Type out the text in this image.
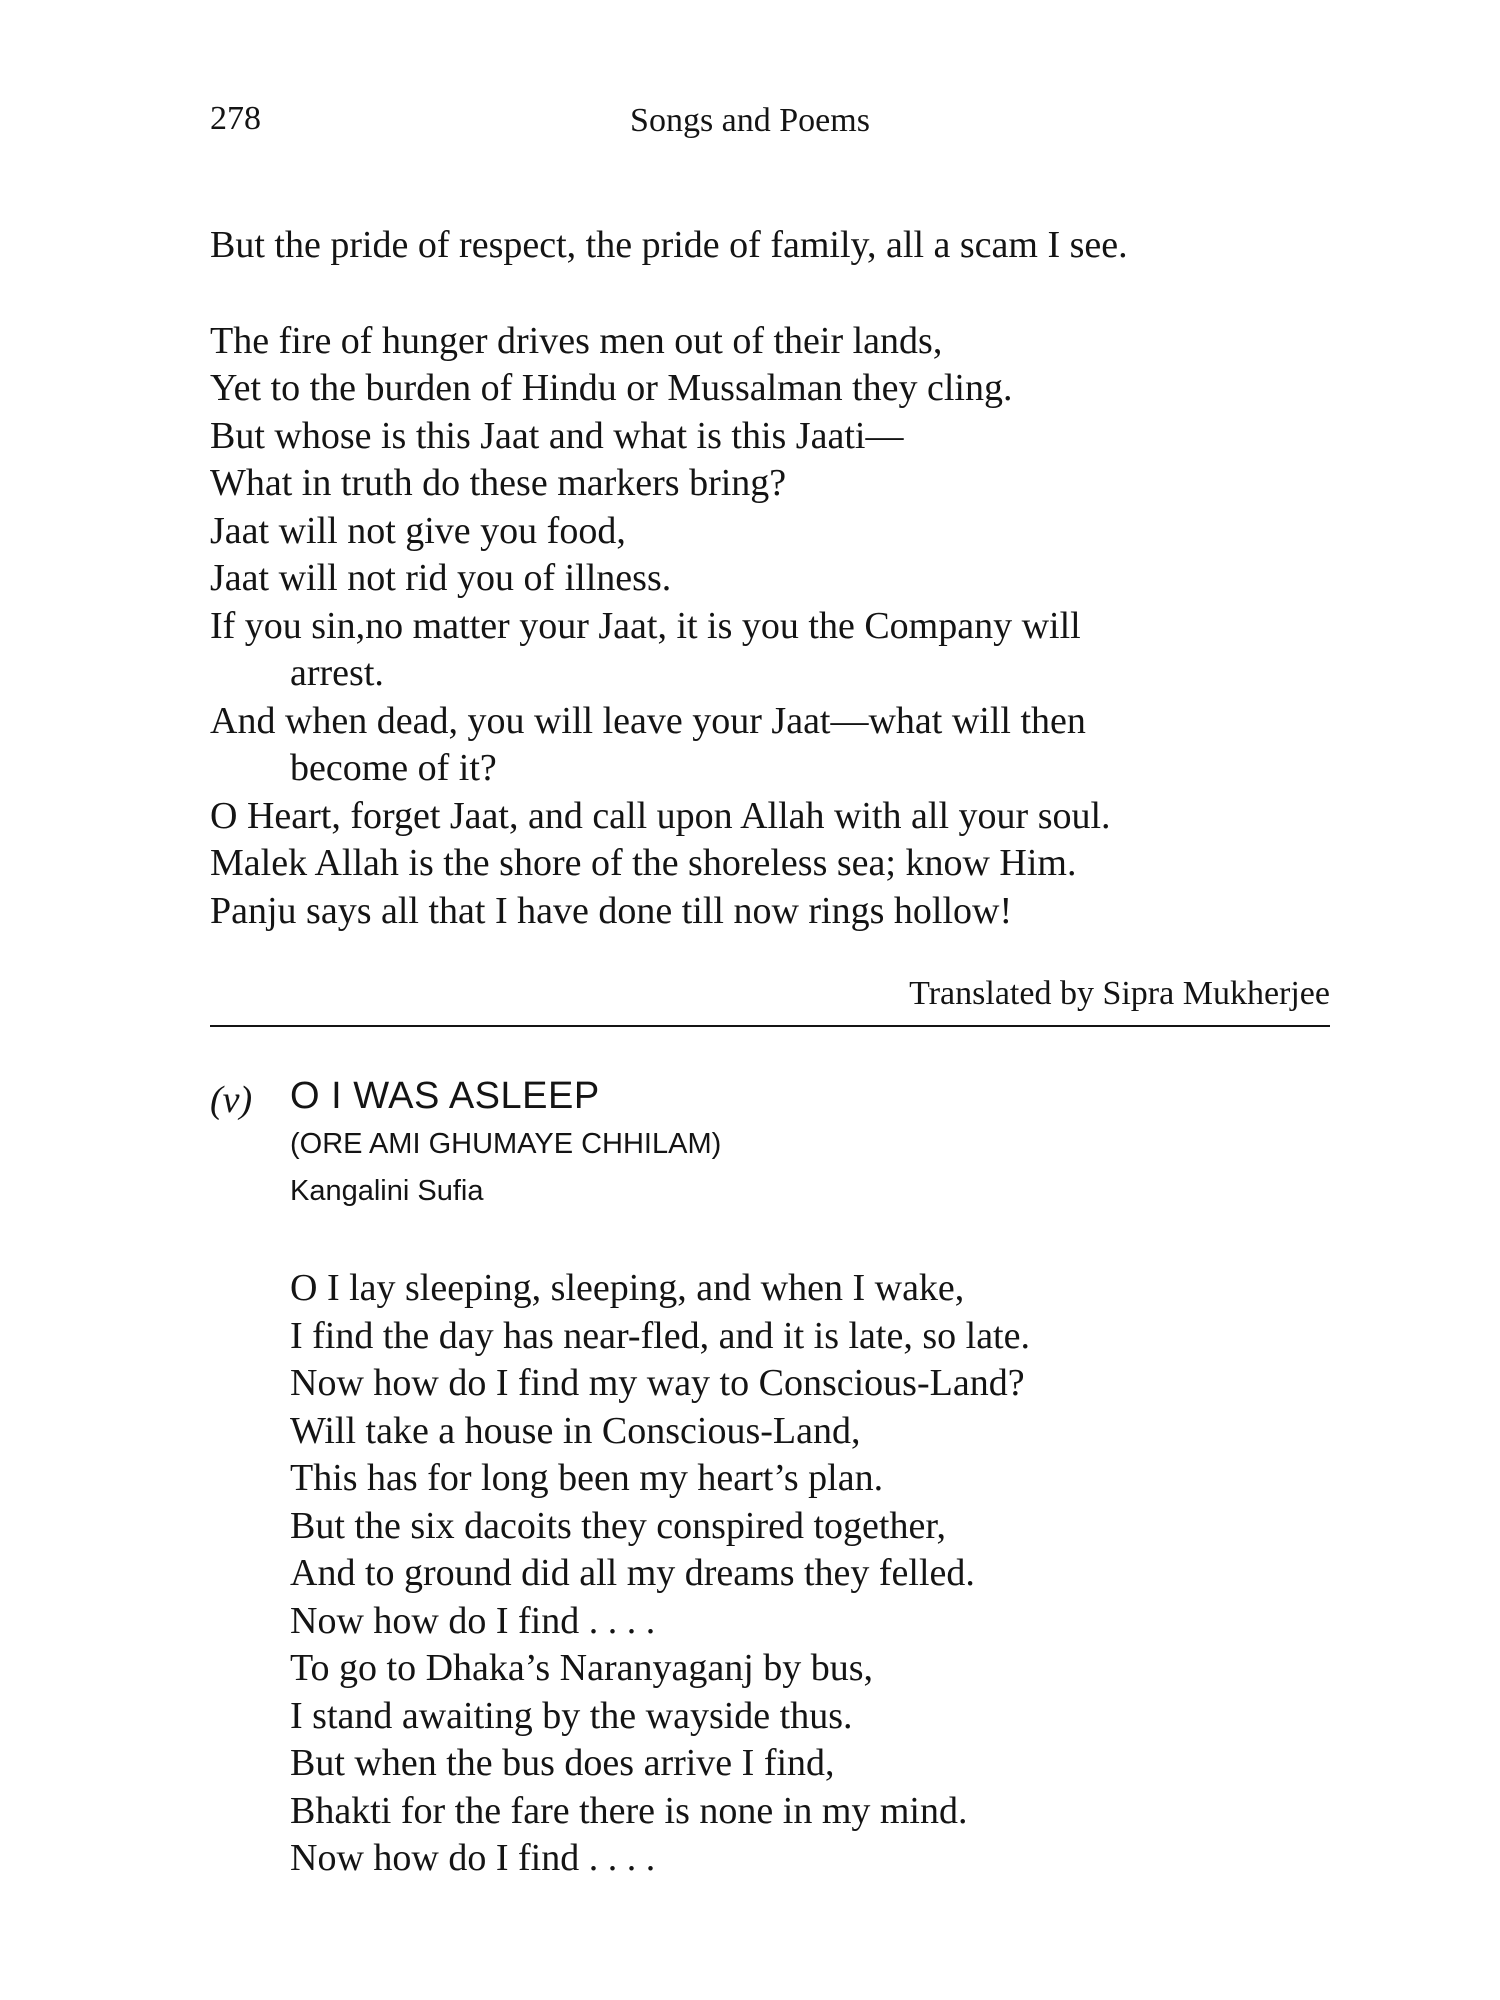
278	Songs and Poems
But the pride of respect, the pride of family, all a scam I see.
The fire of hunger drives men out of their lands,
Yet to the burden of Hindu or Mussalman they cling.
But whose is this Jaat and what is this Jaati—
What in truth do these markers bring?
Jaat will not give you food,
Jaat will not rid you of illness.
If you sin,no matter your Jaat, it is you the Company will
arrest.
And when dead, you will leave your Jaat—what will then
become of it?
O Heart, forget Jaat, and call upon Allah with all your soul.
Malek Allah is the shore of the shoreless sea; know Him.
Panju says all that I have done till now rings hollow!
Translated by Sipra Mukherjee
(v) O I WAS ASLEEP
(ORE AMI GHUMAYE CHHILAM)
Kangalini Sufia
O I lay sleeping, sleeping, and when I wake,
I find the day has near-fled, and it is late, so late.
Now how do I find my way to Conscious-Land?
Will take a house in Conscious-Land,
This has for long been my heart’s plan.
But the six dacoits they conspired together,
And to ground did all my dreams they felled.
Now how do I find . . . .
To go to Dhaka’s Naranyaganj by bus,
I stand awaiting by the wayside thus.
But when the bus does arrive I find,
Bhakti for the fare there is none in my mind.
Now how do I find . . . .
